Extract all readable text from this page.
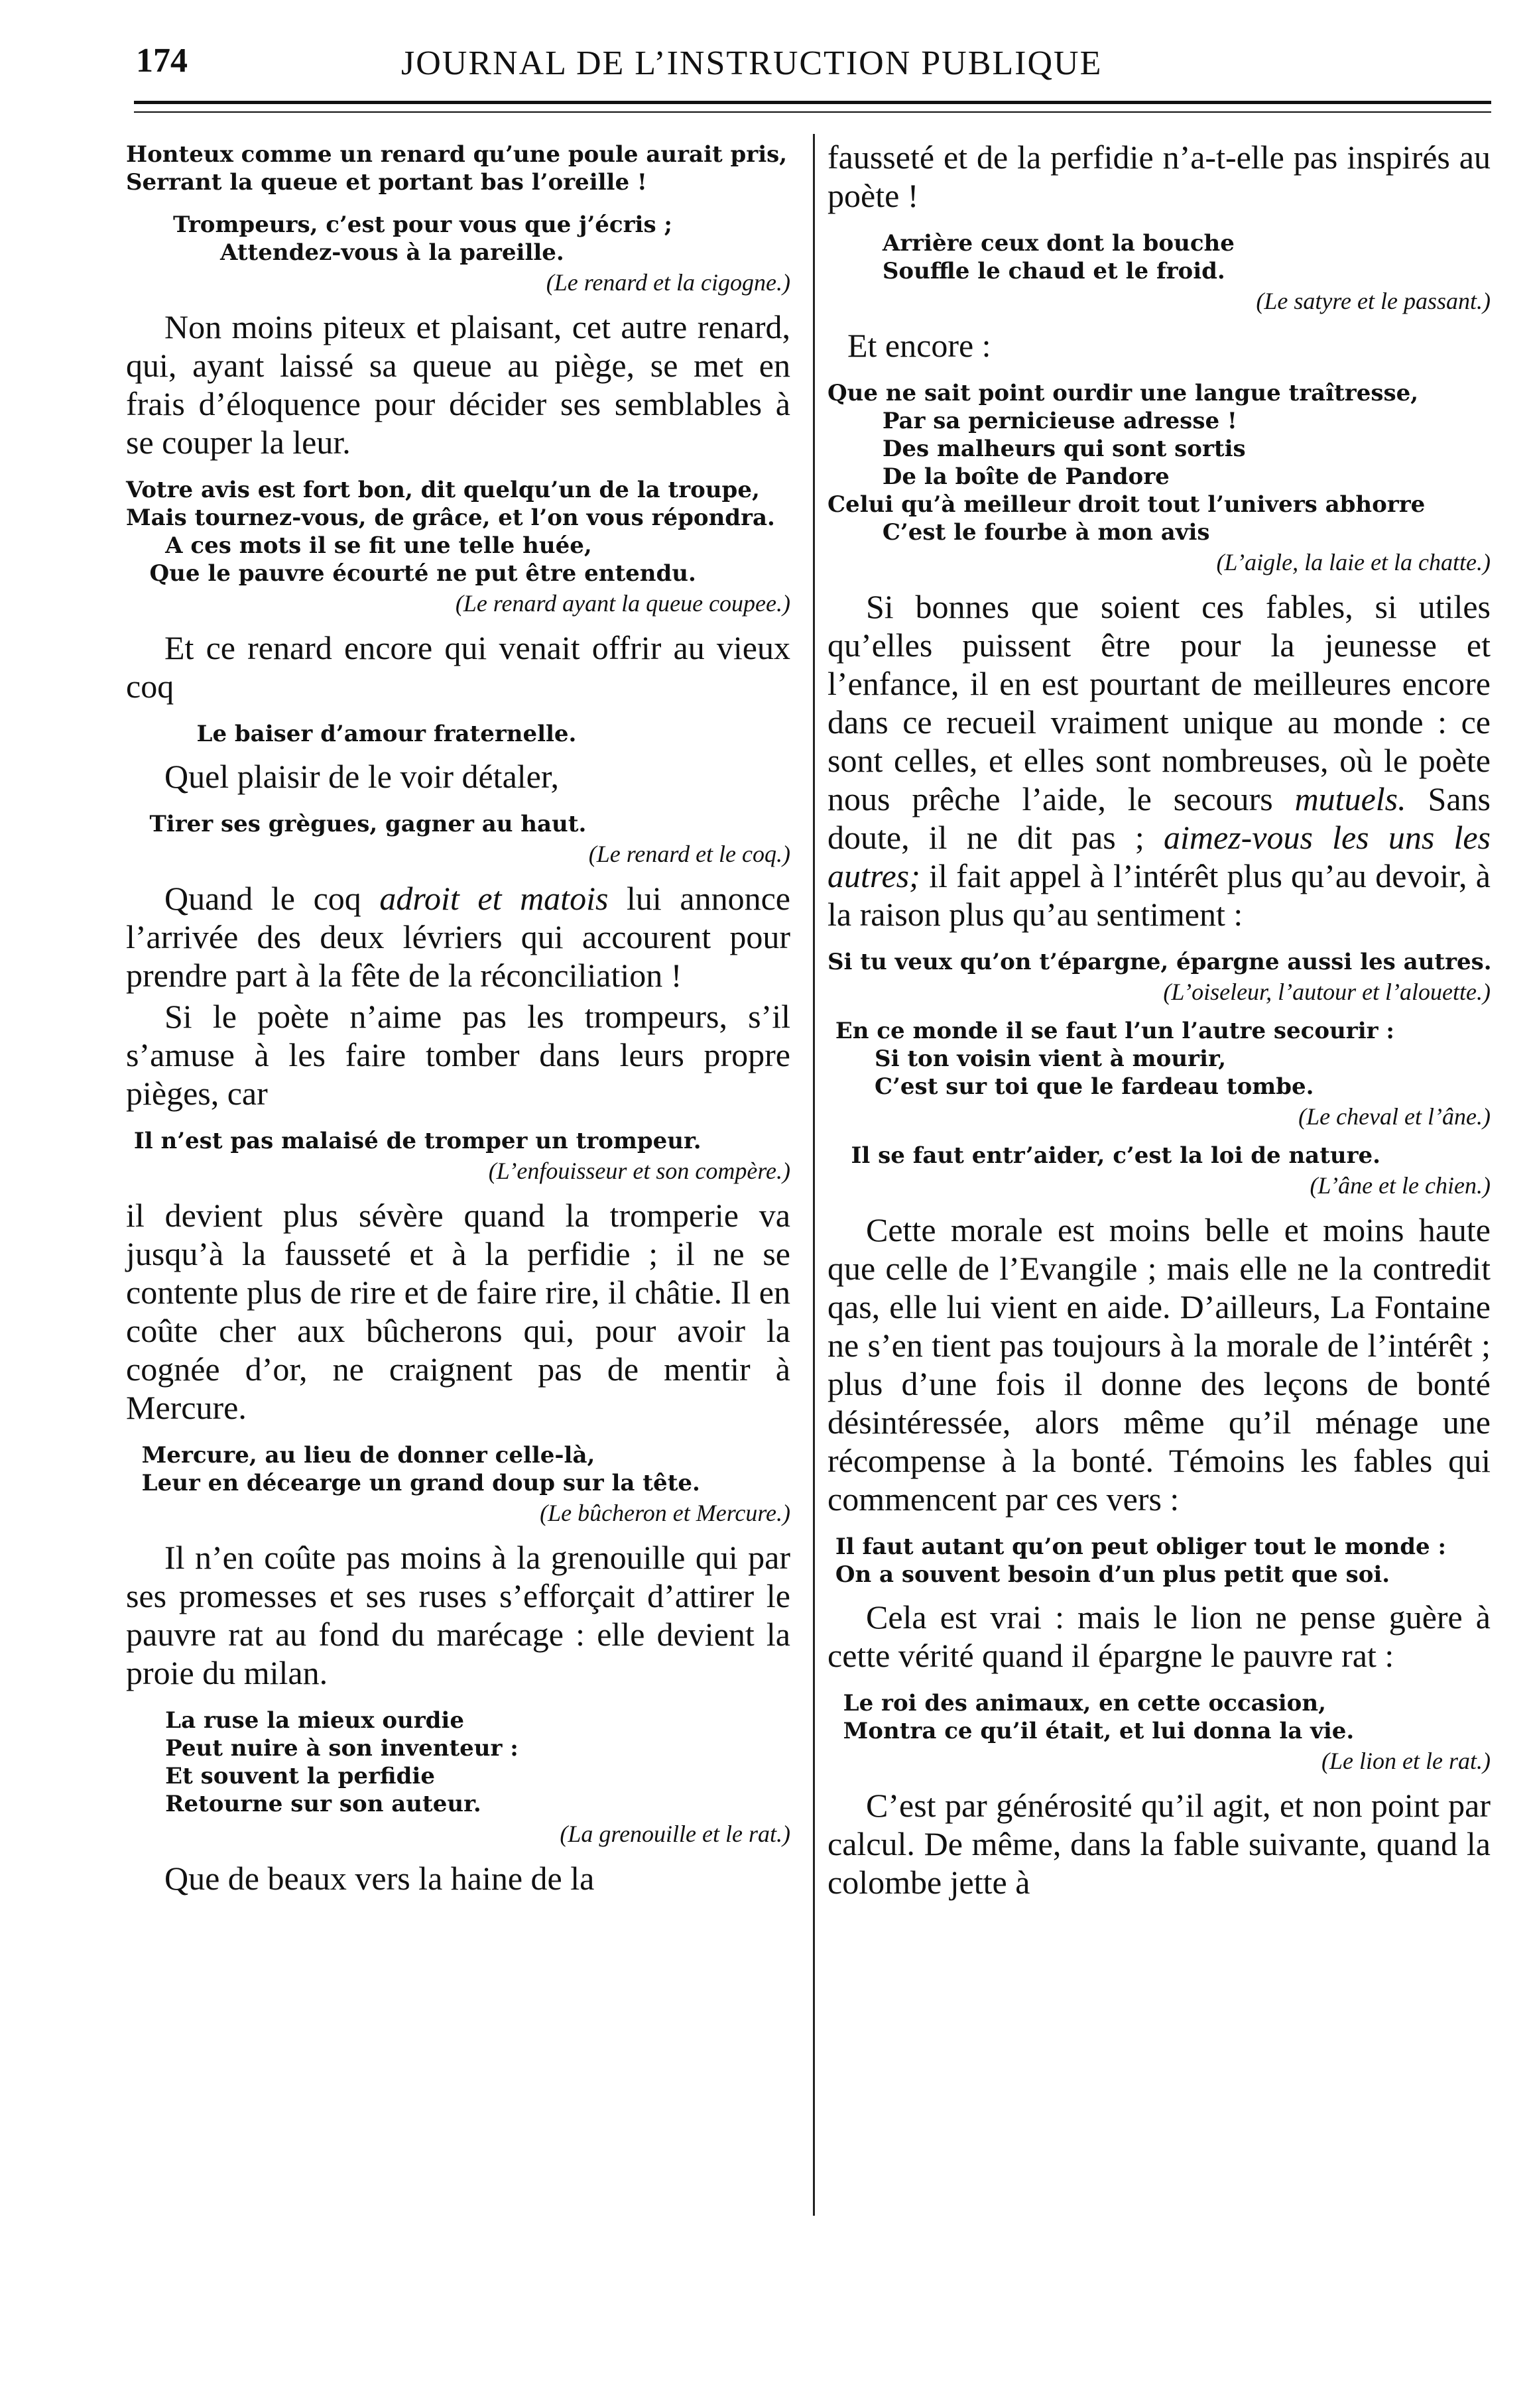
174	JOURNAL DE L’INSTRUCTION PUBLIQUE

Honteux comme un renard qu’une poule aurait pris,
Serrant la queue et portant bas l’oreille !

Trompeurs, c’est pour vous que j’écris ;
Attendez-vous à la pareille.

(Le renard et la cigogne.)

Non moins piteux et plaisant, cet autre renard, qui, ayant laissé sa queue au piège, se met en frais d’éloquence pour décider ses semblables à se couper la leur.

Votre avis est fort bon, dit quelqu’un de la troupe,
Mais tournez-vous, de grâce, et l’on vous répondra.
A ces mots il se fit une telle huée,
Que le pauvre écourté ne put être entendu.

(Le renard ayant la queue coupee.)

Et ce renard encore qui venait offrir au vieux coq

Le baiser d’amour fraternelle.

Quel plaisir de le voir détaler,

Tirer ses grègues, gagner au haut.

(Le renard et le coq.)

Quand le coq adroit et matois lui annonce l’arrivée des deux lévriers qui accourent pour prendre part à la fête de la réconciliation !

Si le poète n’aime pas les trompeurs, s’il s’amuse à les faire tomber dans leurs propre pièges, car

Il n’est pas malaisé de tromper un trompeur.

(L’enfouisseur et son compère.)

il devient plus sévère quand la tromperie va jusqu’à la fausseté et à la perfidie ; il ne se contente plus de rire et de faire rire, il châtie. Il en coûte cher aux bûcherons qui, pour avoir la cognée d’or, ne craignent pas de mentir à Mercure.

Mercure, au lieu de donner celle-là,
Leur en décearge un grand doup sur la tête.

(Le bûcheron et Mercure.)

Il n’en coûte pas moins à la grenouille qui par ses promesses et ses ruses s’efforçait d’attirer le pauvre rat au fond du marécage : elle devient la proie du milan.

La ruse la mieux ourdie
Peut nuire à son inventeur :
Et souvent la perfidie
Retourne sur son auteur.

(La grenouille et le rat.)

Que de beaux vers la haine de la

fausseté et de la perfidie n’a-t-elle pas inspirés au poète !

Arrière ceux dont la bouche
Souffle le chaud et le froid.

(Le satyre et le passant.)

Et encore :

Que ne sait point ourdir une langue traîtresse,
Par sa pernicieuse adresse !
Des malheurs qui sont sortis
De la boîte de Pandore
Celui qu’à meilleur droit tout l’univers abhorre
C’est le fourbe à mon avis

(L’aigle, la laie et la chatte.)

Si bonnes que soient ces fables, si utiles qu’elles puissent être pour la jeunesse et l’enfance, il en est pourtant de meilleures encore dans ce recueil vraiment unique au monde : ce sont celles, et elles sont nombreuses, où le poète nous prêche l’aide, le secours mutuels. Sans doute, il ne dit pas ; aimez-vous les uns les autres; il fait appel à l’intérêt plus qu’au devoir, à la raison plus qu’au sentiment :

Si tu veux qu’on t’épargne, épargne aussi les autres.

(L’oiseleur, l’autour et l’alouette.)

En ce monde il se faut l’un l’autre secourir :
Si ton voisin vient à mourir,
C’est sur toi que le fardeau tombe.

(Le cheval et l’âne.)

Il se faut entr’aider, c’est la loi de nature.

(L’âne et le chien.)

Cette morale est moins belle et moins haute que celle de l’Evangile ; mais elle ne la contredit qas, elle lui vient en aide. D’ailleurs, La Fontaine ne s’en tient pas toujours à la morale de l’intérêt ; plus d’une fois il donne des leçons de bonté désintéressée, alors même qu’il ménage une récompense à la bonté. Témoins les fables qui commencent par ces vers :

Il faut autant qu’on peut obliger tout le monde :
On a souvent besoin d’un plus petit que soi.

Cela est vrai : mais le lion ne pense guère à cette vérité quand il épargne le pauvre rat :

Le roi des animaux, en cette occasion,
Montra ce qu’il était, et lui donna la vie.

(Le lion et le rat.)

C’est par générosité qu’il agit, et non point par calcul. De même, dans la fable suivante, quand la colombe jette à
